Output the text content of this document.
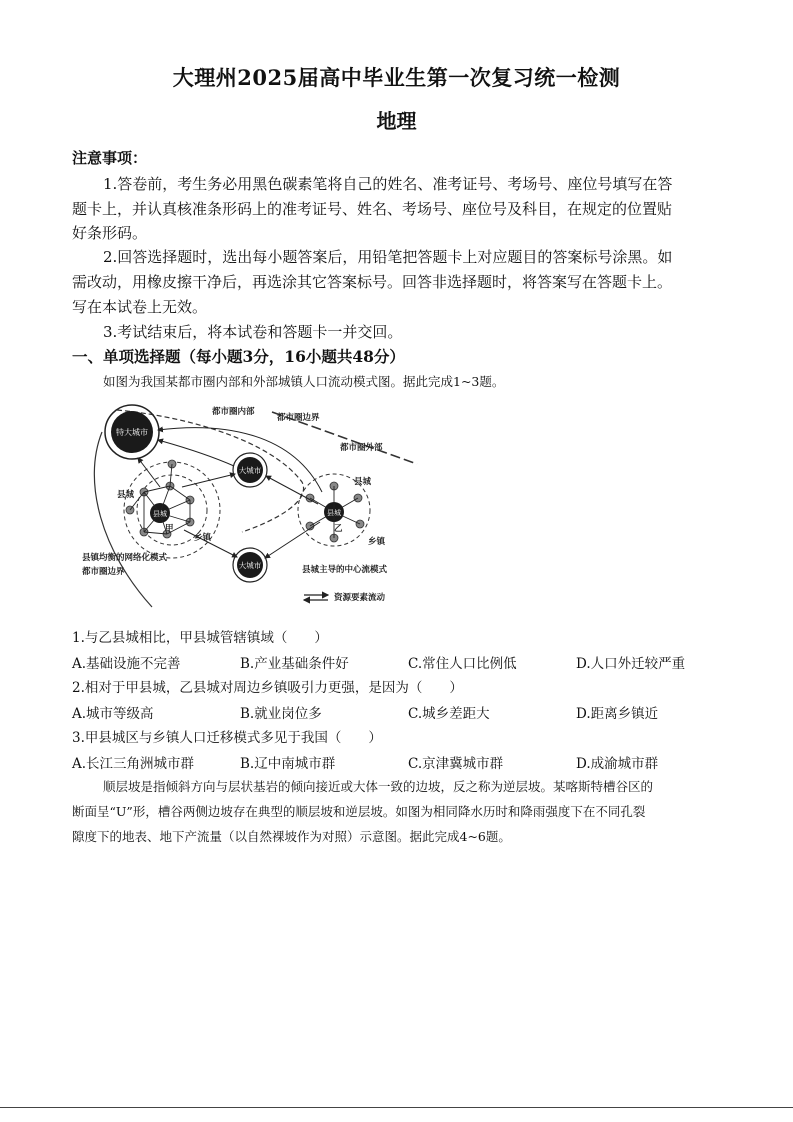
大理州2025届高中毕业生第一次复习统一检测
地理
注意事项：
1.答卷前，考生务必用黑色碳素笔将自己的姓名、准考证号、考场号、座位号填写在答
题卡上，并认真核准条形码上的准考证号、姓名、考场号、座位号及科目，在规定的位置贴
好条形码。
2.回答选择题时，选出每小题答案后，用铅笔把答题卡上对应题目的答案标号涂黑。如
需改动，用橡皮擦干净后，再选涂其它答案标号。回答非选择题时，将答案写在答题卡上。
写在本试卷上无效。
3.考试结束后，将本试卷和答题卡一并交回。
一、单项选择题（每小题3分，16小题共48分）
如图为我国某都市圈内部和外部城镇人口流动模式图。据此完成1~3题。
特大城市
大城市
大城市
都市圈内部
都市圈边界
都市圈外部
县城
县城
甲
乡镇
县镇均衡的网络化模式
都市圈边界
县城
县城
乙
乡镇
县城主导的中心流模式
资源要素流动
1.与乙县城相比，甲县城管辖镇域（　　）
A.基础设施不完善	B.产业基础条件好	C.常住人口比例低	D.人口外迁较严重
2.相对于甲县城，乙县城对周边乡镇吸引力更强，是因为（　　）
A.城市等级高	B.就业岗位多	C.城乡差距大	D.距离乡镇近
3.甲县城区与乡镇人口迁移模式多见于我国（　　）
A.长江三角洲城市群	B.辽中南城市群	C.京津冀城市群	D.成渝城市群
顺层坡是指倾斜方向与层状基岩的倾向接近或大体一致的边坡，反之称为逆层坡。某喀斯特槽谷区的
断面呈“U”形，槽谷两侧边坡存在典型的顺层坡和逆层坡。如图为相同降水历时和降雨强度下在不同孔裂
隙度下的地表、地下产流量（以自然裸坡作为对照）示意图。据此完成4~6题。
